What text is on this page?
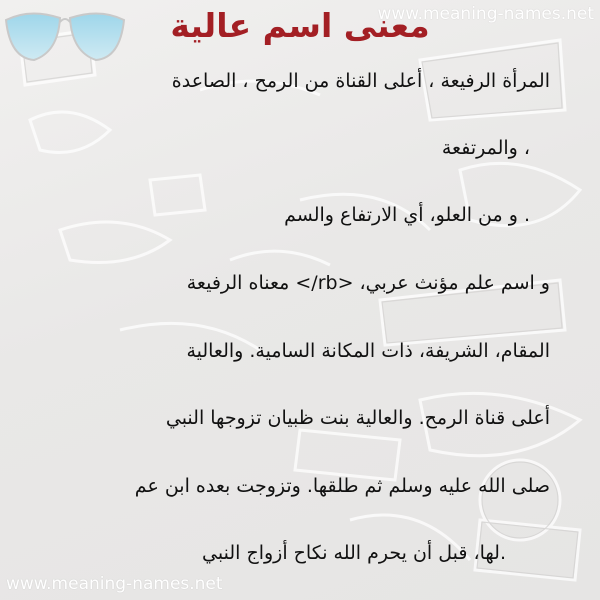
www.meaning-names.net
www.meaning-names.net
معنى اسم عالية
المرأة الرفيعة ، أعلى القناة من الرمح ، الصاعدة
، والمرتفعة
. و من العلو، أي الارتفاع والسم
و اسم علم مؤنث عربي، <rb/> معناه الرفيعة
المقام، الشريفة، ذات المكانة السامية. والعالية
أعلى قناة الرمح. والعالية بنت ظبيان تزوجها النبي
صلى الله عليه وسلم ثم طلقها. وتزوجت بعده ابن عم
.لها، قبل أن يحرم الله نكاح أزواج النبي
